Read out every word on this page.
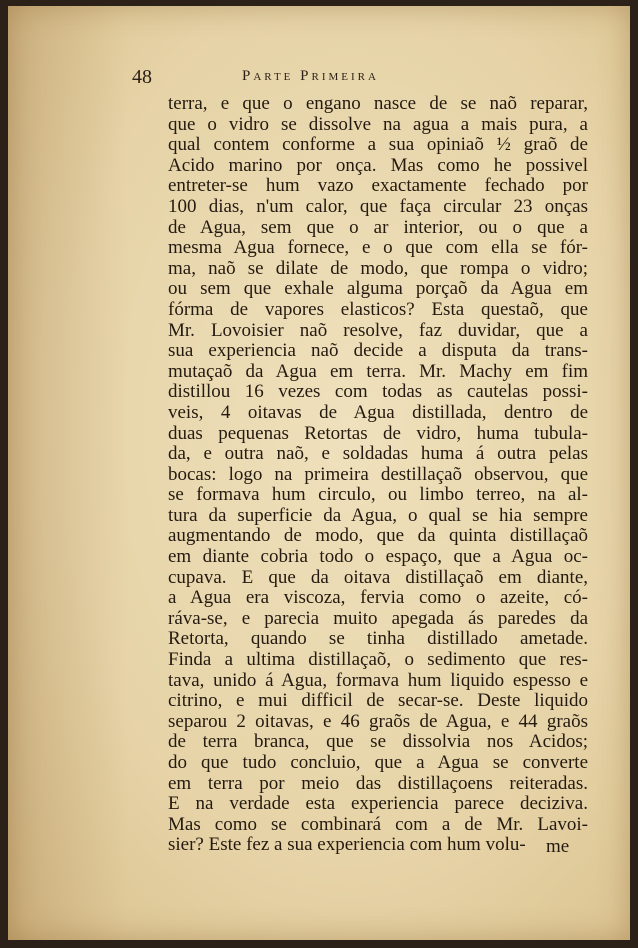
48	Parte Primeira
terra, e que o engano nasce de se naõ reparar,
que o vidro se dissolve na agua a mais pura, a
qual contem conforme a sua opiniaõ ½ graõ de
Acido marino por onça. Mas como he possivel
entreter-se hum vazo exactamente fechado por
100 dias, n'um calor, que faça circular 23 onças
de Agua, sem que o ar interior, ou o que a
mesma Agua fornece, e o que com ella se fór-
ma, naõ se dilate de modo, que rompa o vidro;
ou sem que exhale alguma porçaõ da Agua em
fórma de vapores elasticos? Esta questaõ, que
Mr. Lovoisier naõ resolve, faz duvidar, que a
sua experiencia naõ decide a disputa da trans-
mutaçaõ da Agua em terra. Mr. Machy em fim
distillou 16 vezes com todas as cautelas possi-
veis, 4 oitavas de Agua distillada, dentro de
duas pequenas Retortas de vidro, huma tubula-
da, e outra naõ, e soldadas huma á outra pelas
bocas: logo na primeira destillaçaõ observou, que
se formava hum circulo, ou limbo terreo, na al-
tura da superficie da Agua, o qual se hia sempre
augmentando de modo, que da quinta distillaçaõ
em diante cobria todo o espaço, que a Agua oc-
cupava. E que da oitava distillaçaõ em diante,
a Agua era viscoza, fervia como o azeite, có-
ráva-se, e parecia muito apegada ás paredes da
Retorta, quando se tinha distillado ametade.
Finda a ultima distillaçaõ, o sedimento que res-
tava, unido á Agua, formava hum liquido espesso e
citrino, e mui difficil de secar-se. Deste liquido
separou 2 oitavas, e 46 graõs de Agua, e 44 graõs
de terra branca, que se dissolvia nos Acidos;
do que tudo concluio, que a Agua se converte
em terra por meio das distillaçoens reiteradas.
E na verdade esta experiencia parece deciziva.
Mas como se combinará com a de Mr. Lavoi-
sier? Este fez a sua experiencia com hum volu-	me
